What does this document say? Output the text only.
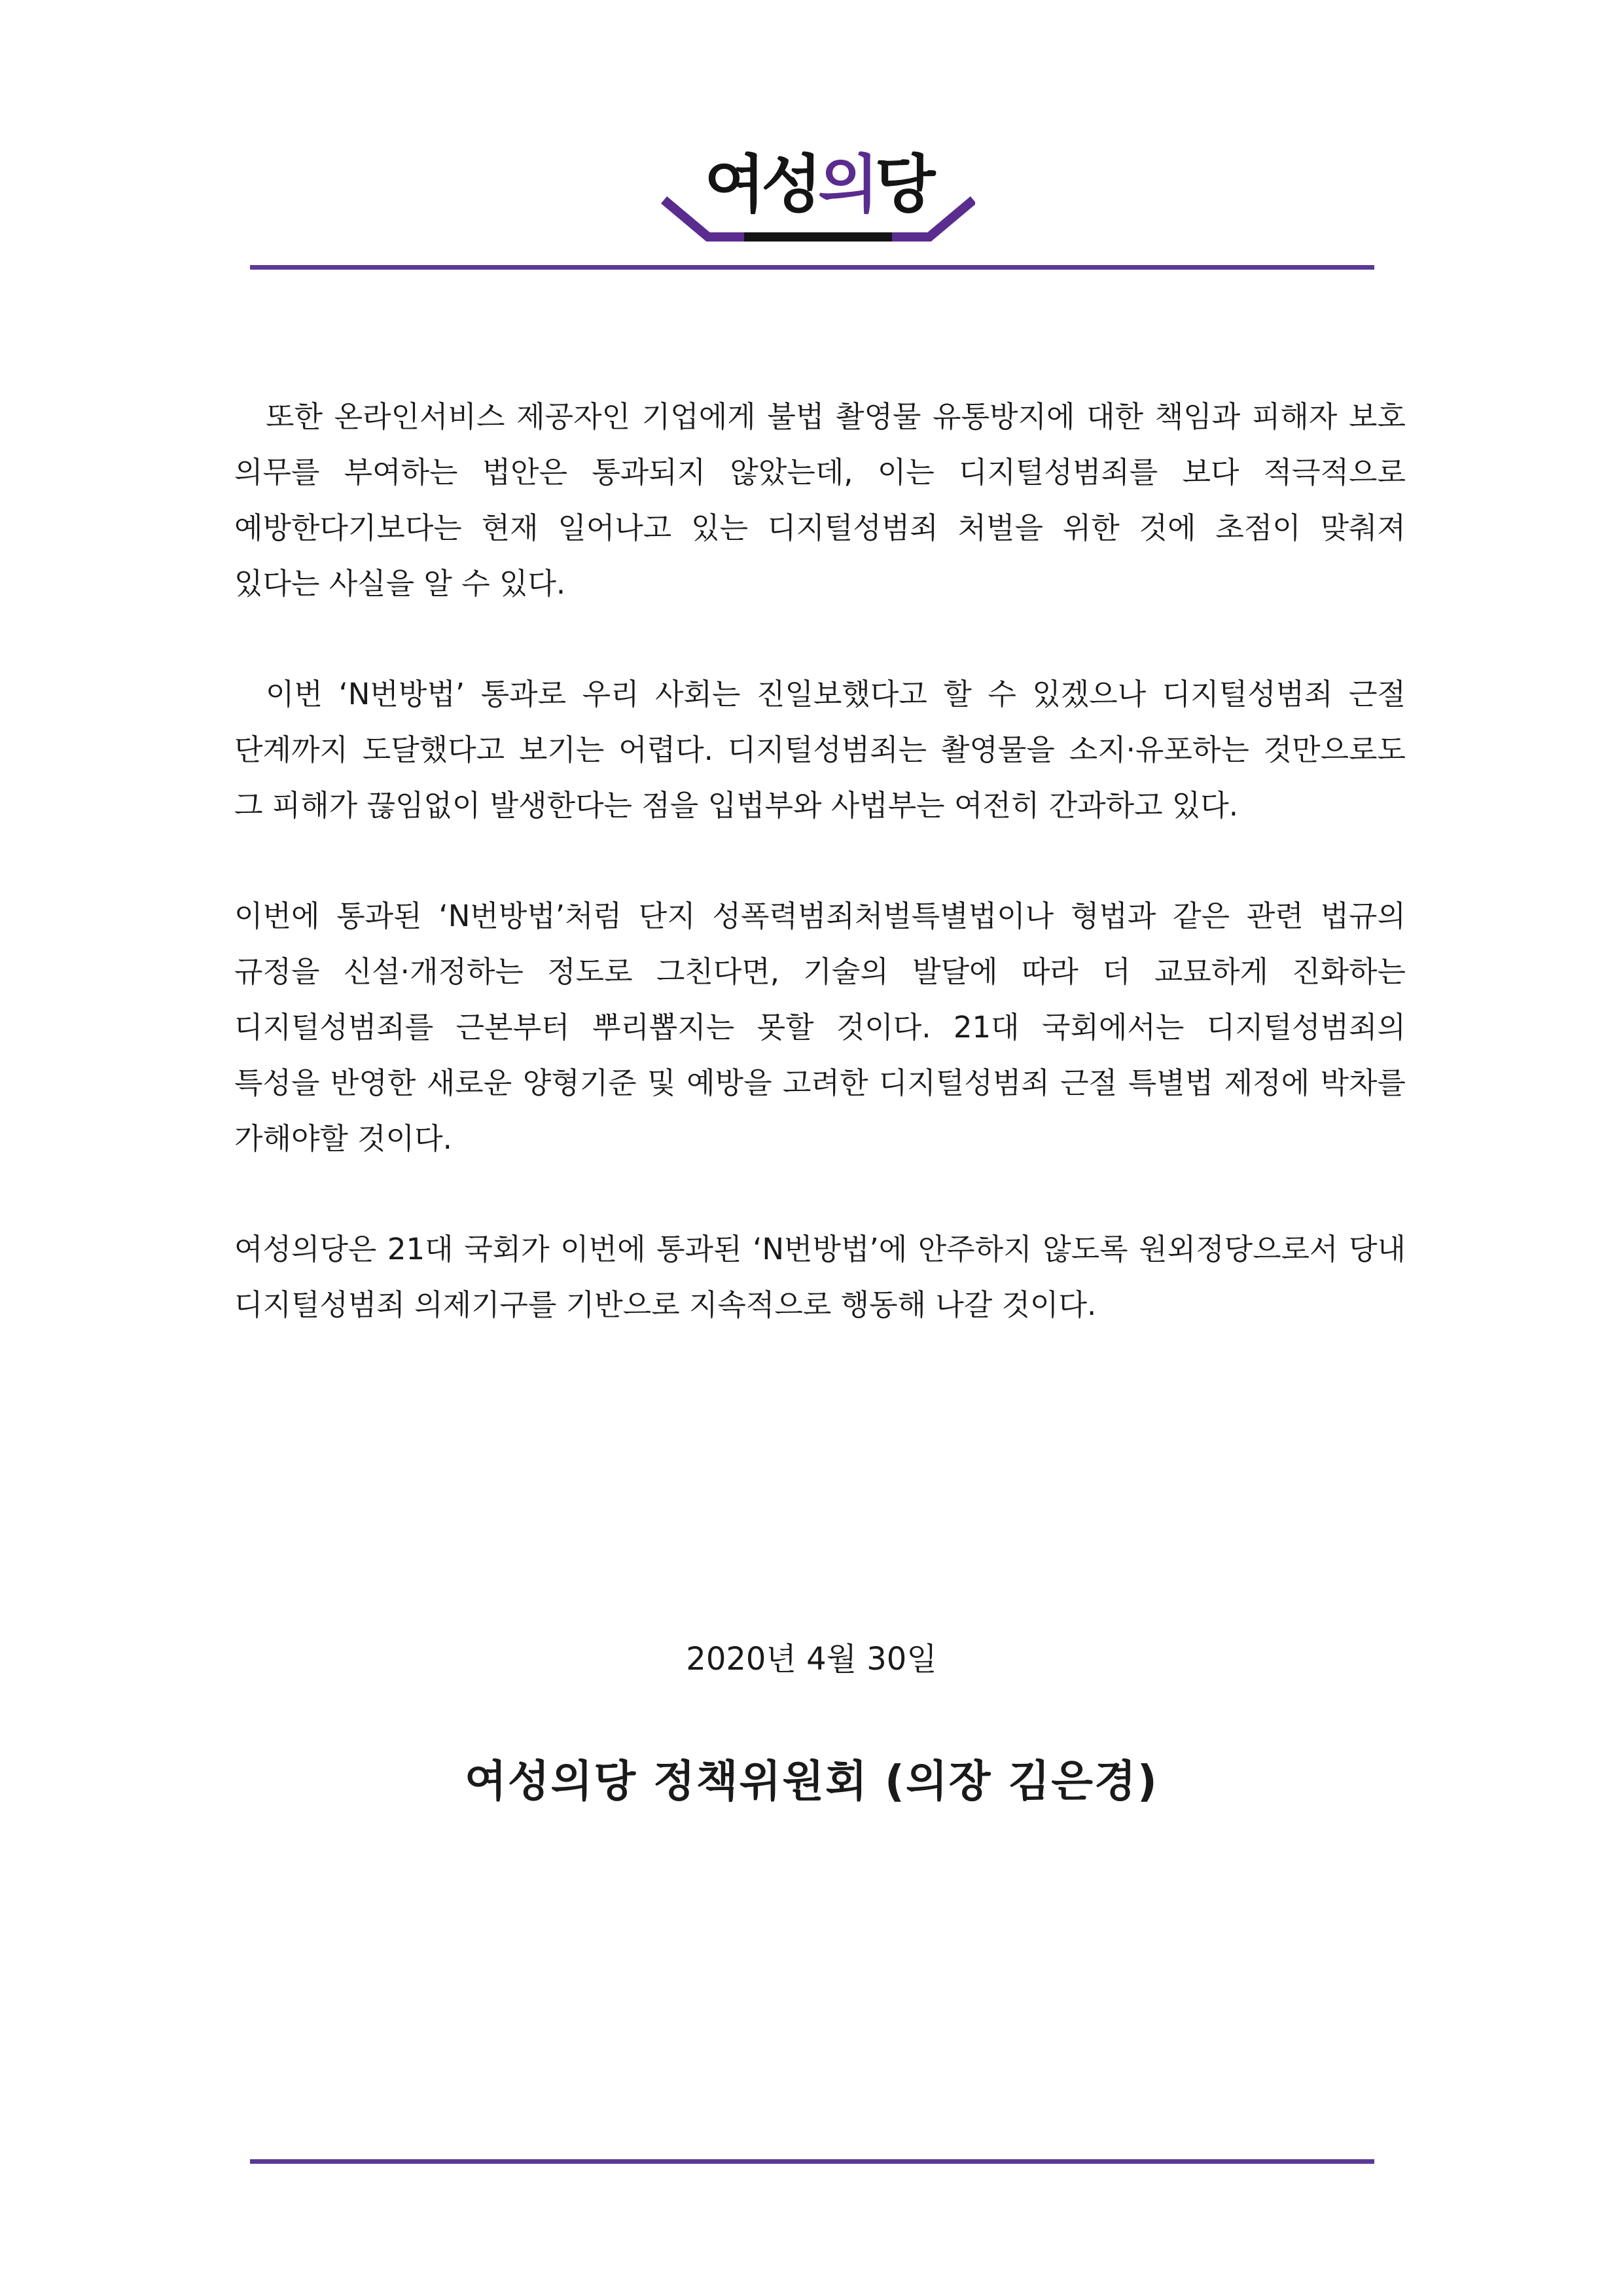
여성의당

또한 온라인서비스 제공자인 기업에게 불법 촬영물 유통방지에 대한 책임과 피해자 보호 의무를 부여하는 법안은 통과되지 않았는데, 이는 디지털성범죄를 보다 적극적으로 예방한다기보다는 현재 일어나고 있는 디지털성범죄 처벌을 위한 것에 초점이 맞춰져 있다는 사실을 알 수 있다.

이번 ‘N번방법’ 통과로 우리 사회는 진일보했다고 할 수 있겠으나 디지털성범죄 근절 단계까지 도달했다고 보기는 어렵다. 디지털성범죄는 촬영물을 소지·유포하는 것만으로도 그 피해가 끊임없이 발생한다는 점을 입법부와 사법부는 여전히 간과하고 있다.

이번에 통과된 ‘N번방법’처럼 단지 성폭력범죄처벌특별법이나 형법과 같은 관련 법규의 규정을 신설·개정하는 정도로 그친다면, 기술의 발달에 따라 더 교묘하게 진화하는 디지털성범죄를 근본부터 뿌리뽑지는 못할 것이다. 21대 국회에서는 디지털성범죄의 특성을 반영한 새로운 양형기준 및 예방을 고려한 디지털성범죄 근절 특별법 제정에 박차를 가해야할 것이다.

여성의당은 21대 국회가 이번에 통과된 ‘N번방법’에 안주하지 않도록 원외정당으로서 당내 디지털성범죄 의제기구를 기반으로 지속적으로 행동해 나갈 것이다.

2020년 4월 30일
여성의당 정책위원회 (의장 김은경)
